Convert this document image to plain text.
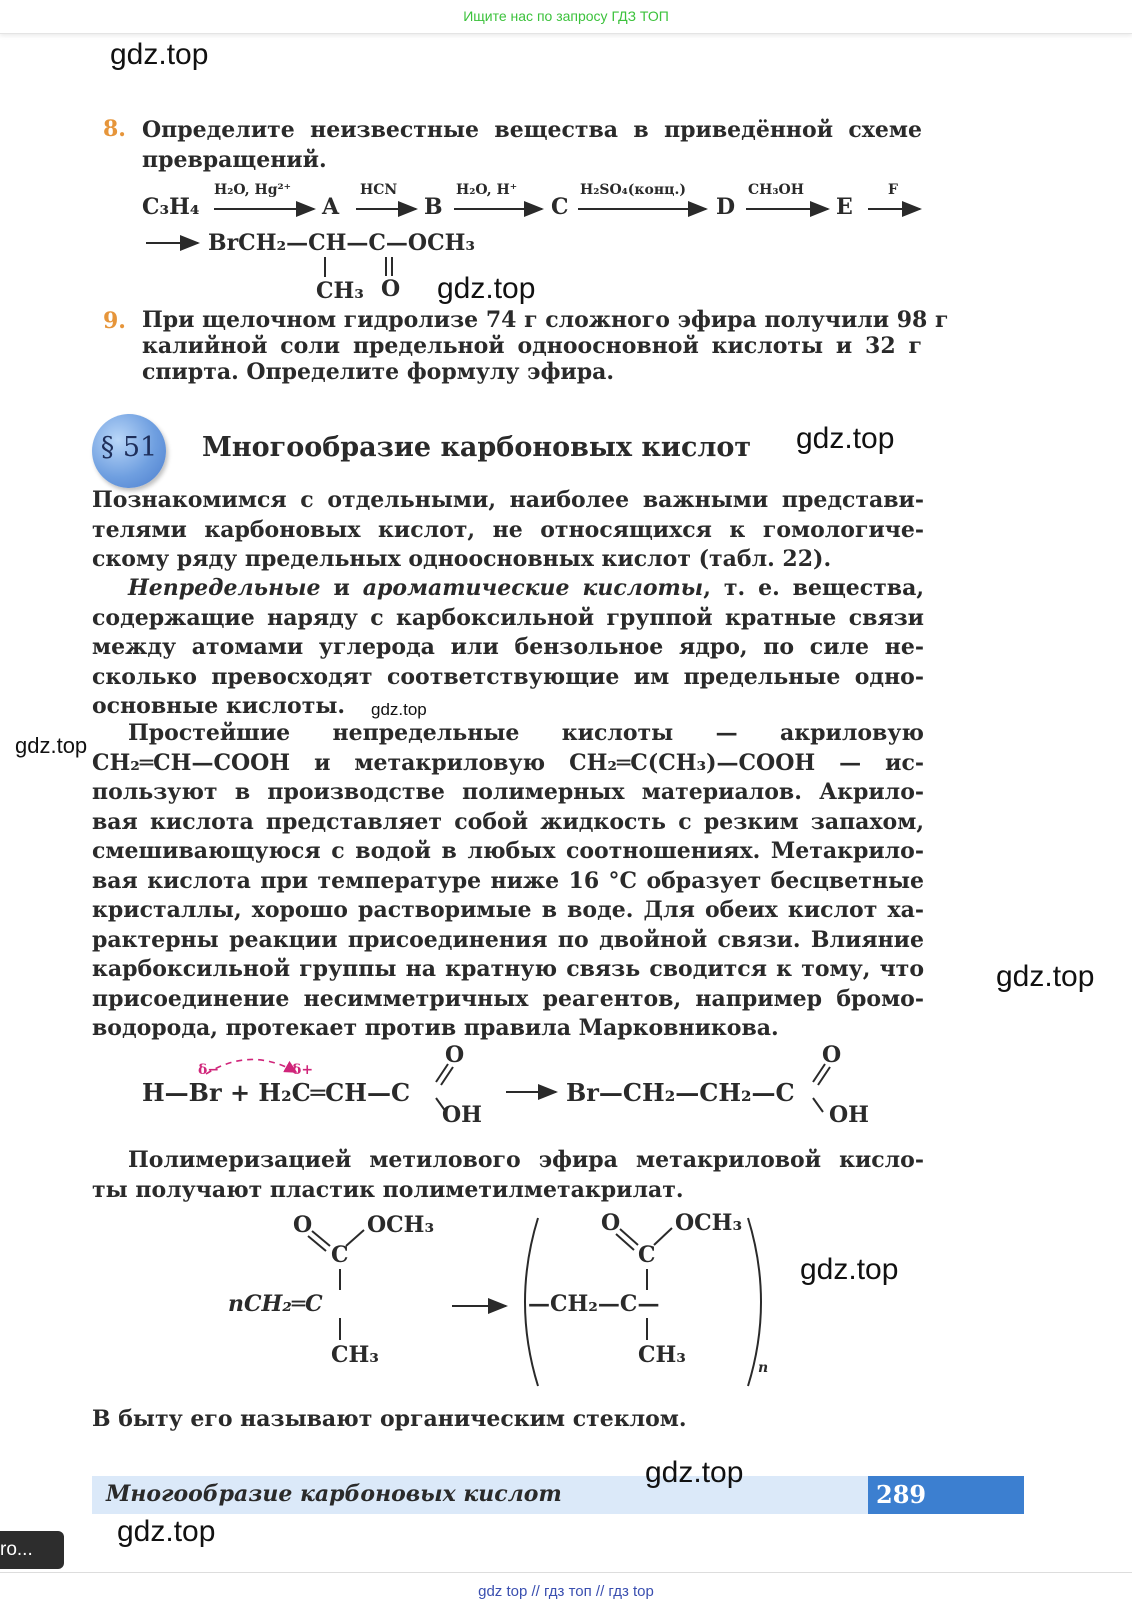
Ищите нас по запросу ГДЗ ТОП
8. Определите неизвестные вещества в приведённой схеме
превращений.
C₃H₄
H₂O, Hg²⁺
A
HCN
B
H₂O, H⁺
C
H₂SO₄(конц.)
D
CH₃OH
E
F
BrCH₂—CH—C—OCH₃
CH₃ O
9. При щелочном гидролизе 74 г сложного эфира получили 98 г
калийной соли предельной одноосновной кислоты и 32 г
спирта. Определите формулу эфира.
§ 51	Многообразие карбоновых кислот
Познакомимся с отдельными, наиболее важными представи-
телями карбоновых кислот, не относящихся к гомологиче-
скому ряду предельных одноосновных кислот (табл. 22).
Непредельные и ароматические кислоты, т. е. вещества,
содержащие наряду с карбоксильной группой кратные связи
между атомами углерода или бензольное ядро, по силе не-
сколько превосходят соответствующие им предельные одно-
основные кислоты.
Простейшие непредельные кислоты — акриловую
CH₂═CH—COOH и метакриловую CH₂═C(CH₃)—COOH — ис-
пользуют в производстве полимерных материалов. Акрило-
вая кислота представляет собой жидкость с резким запахом,
смешивающуюся с водой в любых соотношениях. Метакрило-
вая кислота при температуре ниже 16 °C образует бесцветные
кристаллы, хорошо растворимые в воде. Для обеих кислот ха-
рактерны реакции присоединения по двойной связи. Влияние
карбоксильной группы на кратную связь сводится к тому, что
присоединение несимметричных реагентов, например бромо-
водорода, протекает против правила Марковникова.
H—Br + H₂C═CH—C
O
OH
δ−	δ+
Br—CH₂—CH₂—C
O
OH
Полимеризацией метилового эфира метакриловой кисло-
ты получают пластик полиметилметакрилат.
O OCH₃
C
nCH₂═C
CH₃
O OCH₃
C
—CH₂—C—
CH₃	n
В быту его называют органическим стеклом.
Многообразие карбоновых кислот	289
gdz.top
gdz.top
gdz.top
gdz.top
gdz.top
gdz.top
gdz.top
gdz.top
gdz.top
ro...
gdz top // гдз топ // гдз top
